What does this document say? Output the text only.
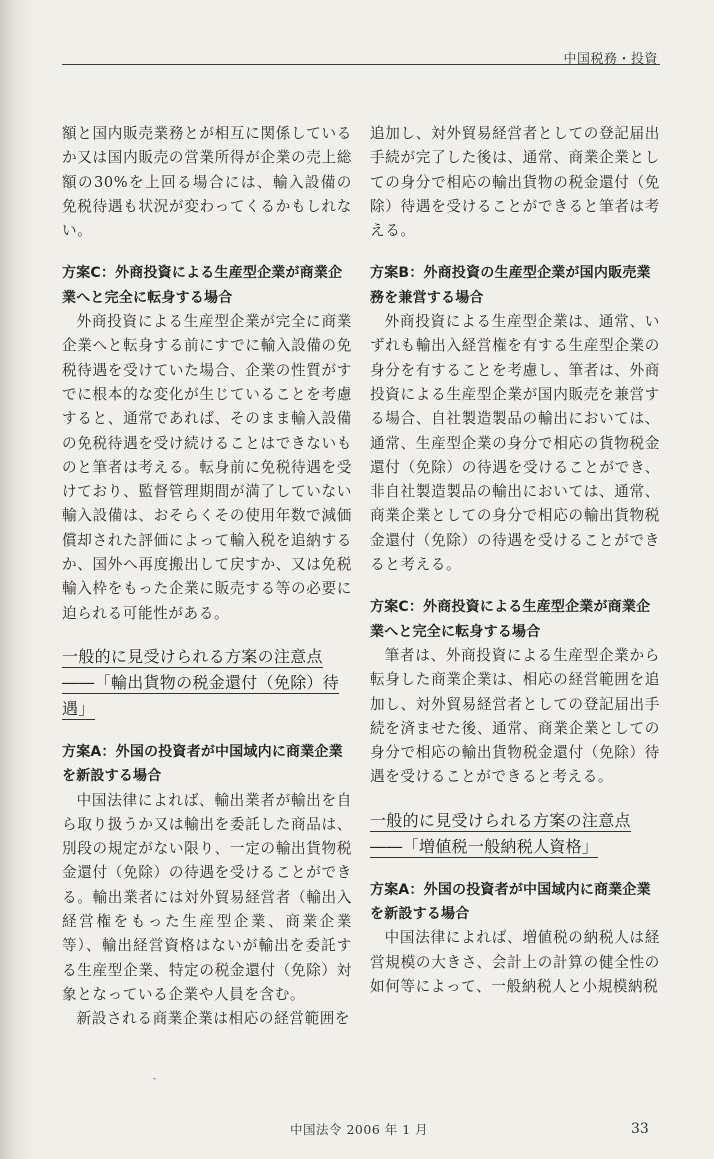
中国税務・投資

額と国内販売業務とが相互に関係しているか又は国内販売の営業所得が企業の売上総額の30%を上回る場合には、輸入設備の免税待遇も状況が変わってくるかもしれない。

方案C：外商投資による生産型企業が商業企業へと完全に転身する場合

外商投資による生産型企業が完全に商業企業へと転身する前にすでに輸入設備の免税待遇を受けていた場合、企業の性質がすでに根本的な変化が生じていることを考慮すると、通常であれば、そのまま輸入設備の免税待遇を受け続けることはできないものと筆者は考える。転身前に免税待遇を受けており、監督管理期間が満了していない輸入設備は、おそらくその使用年数で減価償却された評価によって輸入税を追納するか、国外へ再度搬出して戻すか、又は免税輸入枠をもった企業に販売する等の必要に迫られる可能性がある。

一般的に見受けられる方案の注意点
――「輸出貨物の税金還付（免除）待
遇」

方案A：外国の投資者が中国域内に商業企業を新設する場合

中国法律によれば、輸出業者が輸出を自ら取り扱うか又は輸出を委託した商品は、別段の規定がない限り、一定の輸出貨物税金還付（免除）の待遇を受けることができる。輸出業者には対外貿易経営者（輸出入経営権をもった生産型企業、商業企業等）、輸出経営資格はないが輸出を委託する生産型企業、特定の税金還付（免除）対象となっている企業や人員を含む。

新設される商業企業は相応の経営範囲を

追加し、対外貿易経営者としての登記届出手続が完了した後は、通常、商業企業としての身分で相応の輸出貨物の税金還付（免除）待遇を受けることができると筆者は考える。

方案B：外商投資の生産型企業が国内販売業務を兼営する場合

外商投資による生産型企業は、通常、いずれも輸出入経営権を有する生産型企業の身分を有することを考慮し、筆者は、外商投資による生産型企業が国内販売を兼営する場合、自社製造製品の輸出においては、通常、生産型企業の身分で相応の貨物税金還付（免除）の待遇を受けることができ、非自社製造製品の輸出においては、通常、商業企業としての身分で相応の輸出貨物税金還付（免除）の待遇を受けることができると考える。

方案C：外商投資による生産型企業が商業企業へと完全に転身する場合

筆者は、外商投資による生産型企業から転身した商業企業は、相応の経営範囲を追加し、対外貿易経営者としての登記届出手続を済ませた後、通常、商業企業としての身分で相応の輸出貨物税金還付（免除）待遇を受けることができると考える。

一般的に見受けられる方案の注意点
――「増値税一般納税人資格」

方案A：外国の投資者が中国域内に商業企業を新設する場合

中国法律によれば、増値税の納税人は経営規模の大きさ、会計上の計算の健全性の如何等によって、一般納税人と小規模納税

ˉ
中国法令 2006 年 1 月	33
